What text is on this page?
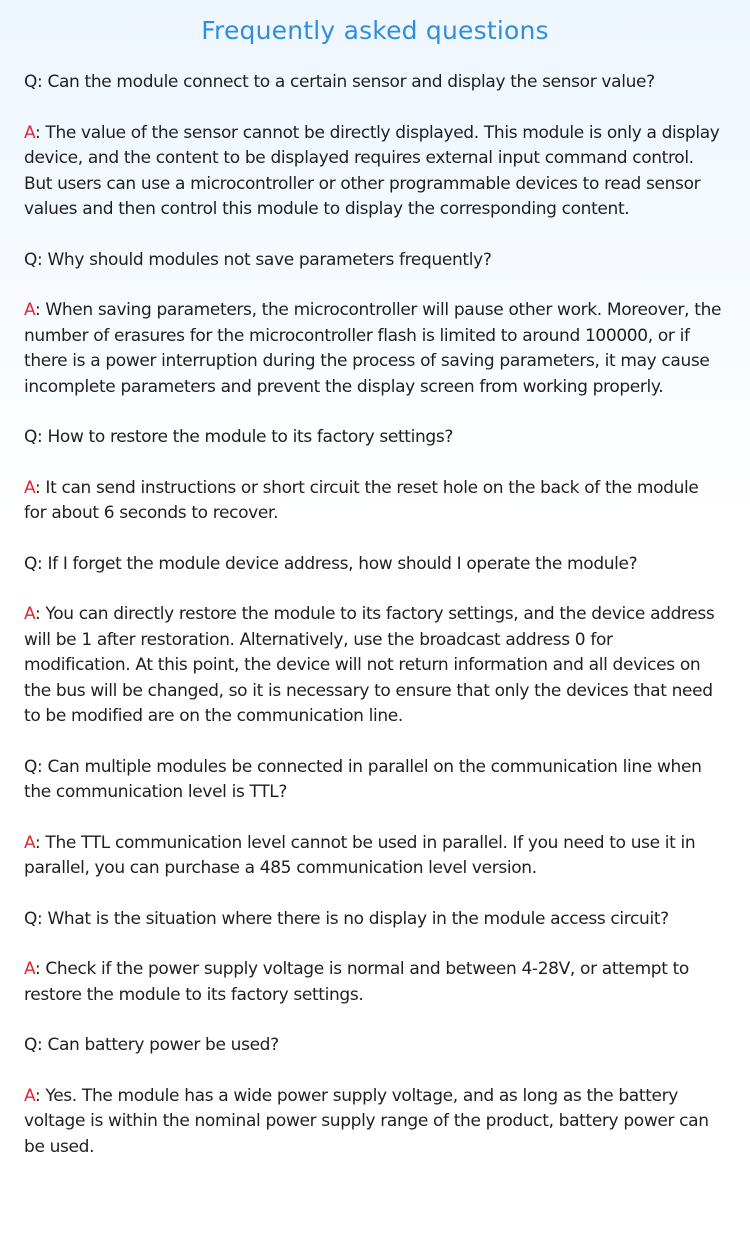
Frequently asked questions

Q: Can the module connect to a certain sensor and display the sensor value?

A: The value of the sensor cannot be directly displayed. This module is only a display device, and the content to be displayed requires external input command control. But users can use a microcontroller or other programmable devices to read sensor values and then control this module to display the corresponding content.

Q: Why should modules not save parameters frequently?

A: When saving parameters, the microcontroller will pause other work. Moreover, the number of erasures for the microcontroller flash is limited to around 100000, or if there is a power interruption during the process of saving parameters, it may cause incomplete parameters and prevent the display screen from working properly.

Q: How to restore the module to its factory settings?

A: It can send instructions or short circuit the reset hole on the back of the module for about 6 seconds to recover.

Q: If I forget the module device address, how should I operate the module?

A: You can directly restore the module to its factory settings, and the device address will be 1 after restoration. Alternatively, use the broadcast address 0 for modification. At this point, the device will not return information and all devices on the bus will be changed, so it is necessary to ensure that only the devices that need to be modified are on the communication line.

Q: Can multiple modules be connected in parallel on the communication line when the communication level is TTL?

A: The TTL communication level cannot be used in parallel. If you need to use it in parallel, you can purchase a 485 communication level version.

Q: What is the situation where there is no display in the module access circuit?

A: Check if the power supply voltage is normal and between 4-28V, or attempt to restore the module to its factory settings.

Q: Can battery power be used?

A: Yes. The module has a wide power supply voltage, and as long as the battery voltage is within the nominal power supply range of the product, battery power can be used.
